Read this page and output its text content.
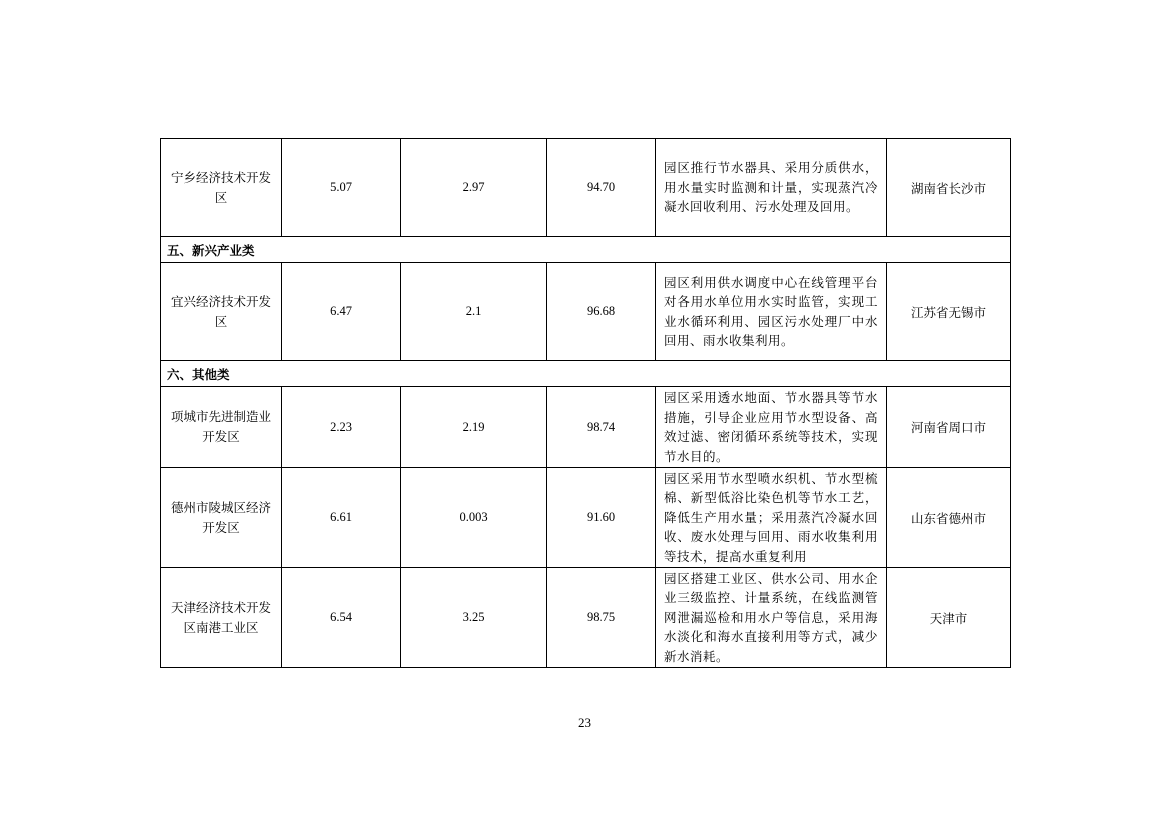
宁乡经济技术开发区	5.07	2.97	94.70	园区推行节水器具、采用分质供水，用水量实时监测和计量，实现蒸汽冷凝水回收利用、污水处理及回用。	湖南省长沙市
五、新兴产业类					
宜兴经济技术开发区	6.47	2.1	96.68	园区利用供水调度中心在线管理平台对各用水单位用水实时监管，实现工业水循环利用、园区污水处理厂中水回用、雨水收集利用。	江苏省无锡市
六、其他类					
项城市先进制造业开发区	2.23	2.19	98.74	园区采用透水地面、节水器具等节水措施，引导企业应用节水型设备、高效过滤、密闭循环系统等技术，实现节水目的。	河南省周口市
德州市陵城区经济开发区	6.61	0.003	91.60	园区采用节水型喷水织机、节水型梳棉、新型低浴比染色机等节水工艺，降低生产用水量；采用蒸汽冷凝水回收、废水处理与回用、雨水收集利用等技术，提高水重复利用	山东省德州市
天津经济技术开发区南港工业区	6.54	3.25	98.75	园区搭建工业区、供水公司、用水企业三级监控、计量系统，在线监测管网泄漏巡检和用水户等信息，采用海水淡化和海水直接利用等方式，减少新水消耗。	天津市
23
